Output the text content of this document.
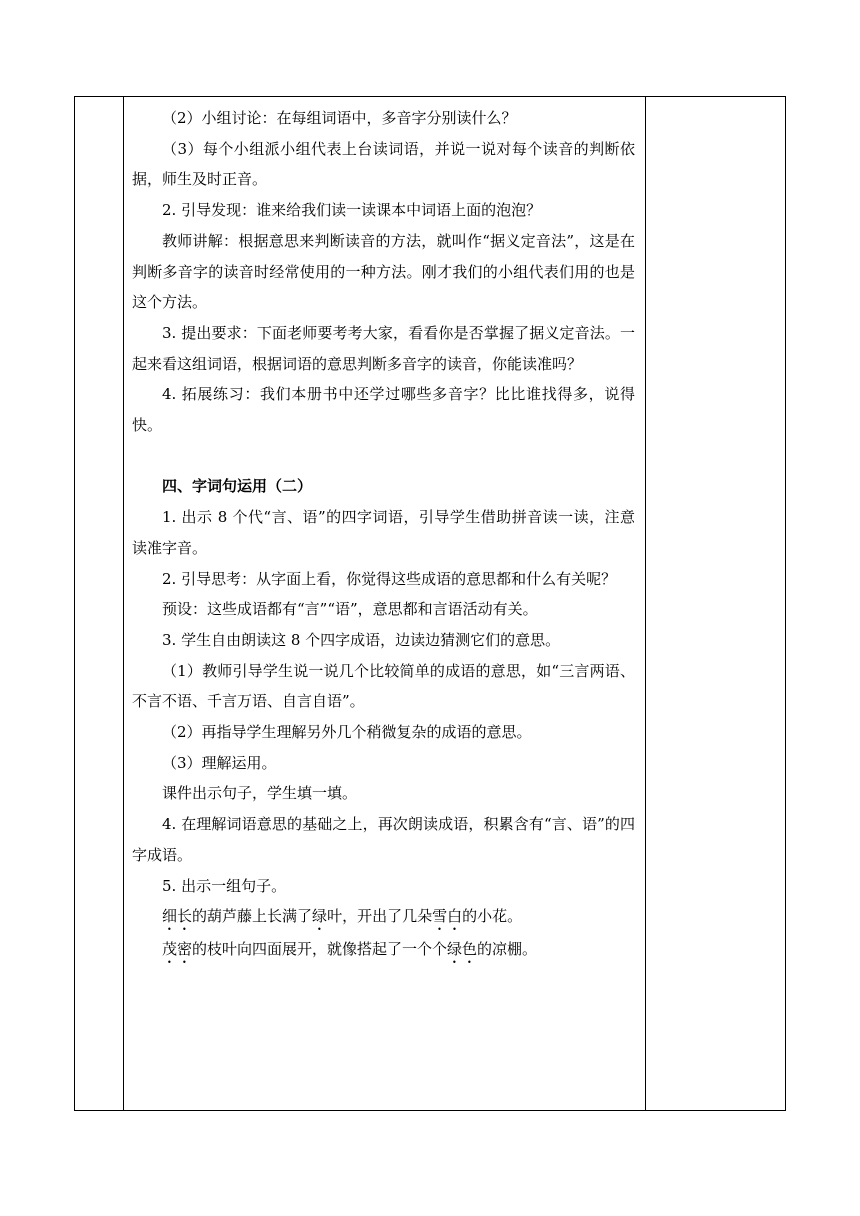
（2）小组讨论：在每组词语中，多音字分别读什么？

（3）每个小组派小组代表上台读词语，并说一说对每个读音的判断依据，师生及时正音。

2. 引导发现：谁来给我们读一读课本中词语上面的泡泡？

教师讲解：根据意思来判断读音的方法，就叫作“据义定音法”，这是在判断多音字的读音时经常使用的一种方法。刚才我们的小组代表们用的也是这个方法。

3. 提出要求：下面老师要考考大家，看看你是否掌握了据义定音法。一起来看这组词语，根据词语的意思判断多音字的读音，你能读准吗？

4. 拓展练习：我们本册书中还学过哪些多音字？比比谁找得多，说得快。

四、字词句运用（二）

1. 出示 8 个代“言、语”的四字词语，引导学生借助拼音读一读，注意读准字音。

2. 引导思考：从字面上看，你觉得这些成语的意思都和什么有关呢？

预设：这些成语都有“言”“语”，意思都和言语活动有关。

3. 学生自由朗读这 8 个四字成语，边读边猜测它们的意思。

（1）教师引导学生说一说几个比较简单的成语的意思，如“三言两语、不言不语、千言万语、自言自语”。

（2）再指导学生理解另外几个稍微复杂的成语的意思。

（3）理解运用。

课件出示句子，学生填一填。

4. 在理解词语意思的基础之上，再次朗读成语，积累含有“言、语”的四字成语。

5. 出示一组句子。

细长的葫芦藤上长满了绿叶，开出了几朵雪白的小花。

茂密的枝叶向四面展开，就像搭起了一个个绿色的凉棚。
